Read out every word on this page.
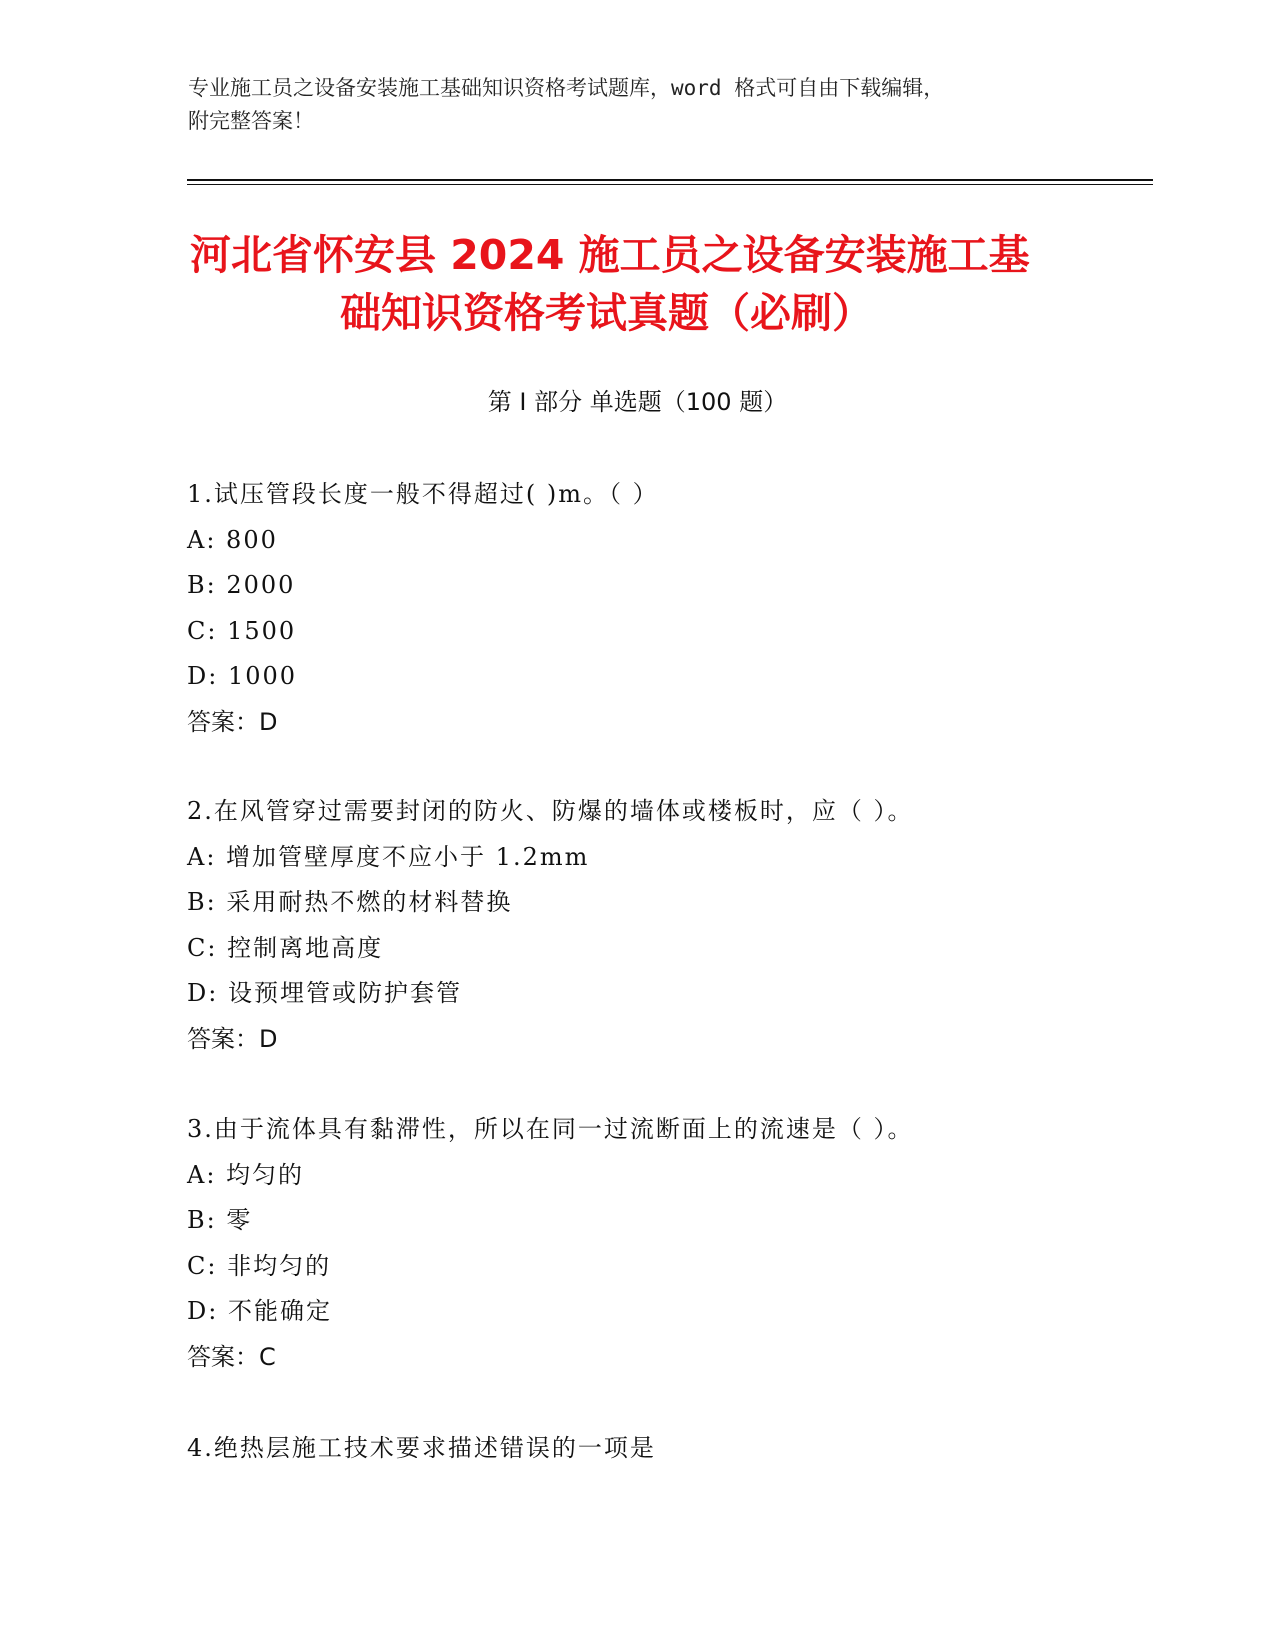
专业施工员之设备安装施工基础知识资格考试题库，word 格式可自由下载编辑，
附完整答案！
河北省怀安县 2024 施工员之设备安装施工基
础知识资格考试真题（必刷）
第 I 部分 单选题（100 题）
1.试压管段长度一般不得超过( )m。（ ）
A: 800
B: 2000
C: 1500
D: 1000
答案：D
2.在风管穿过需要封闭的防火、防爆的墙体或楼板时，应（ ）。
A: 增加管壁厚度不应小于 1.2mm
B: 采用耐热不燃的材料替换
C: 控制离地高度
D: 设预埋管或防护套管
答案：D
3.由于流体具有黏滞性，所以在同一过流断面上的流速是（ ）。
A: 均匀的
B: 零
C: 非均匀的
D: 不能确定
答案：C
4.绝热层施工技术要求描述错误的一项是
